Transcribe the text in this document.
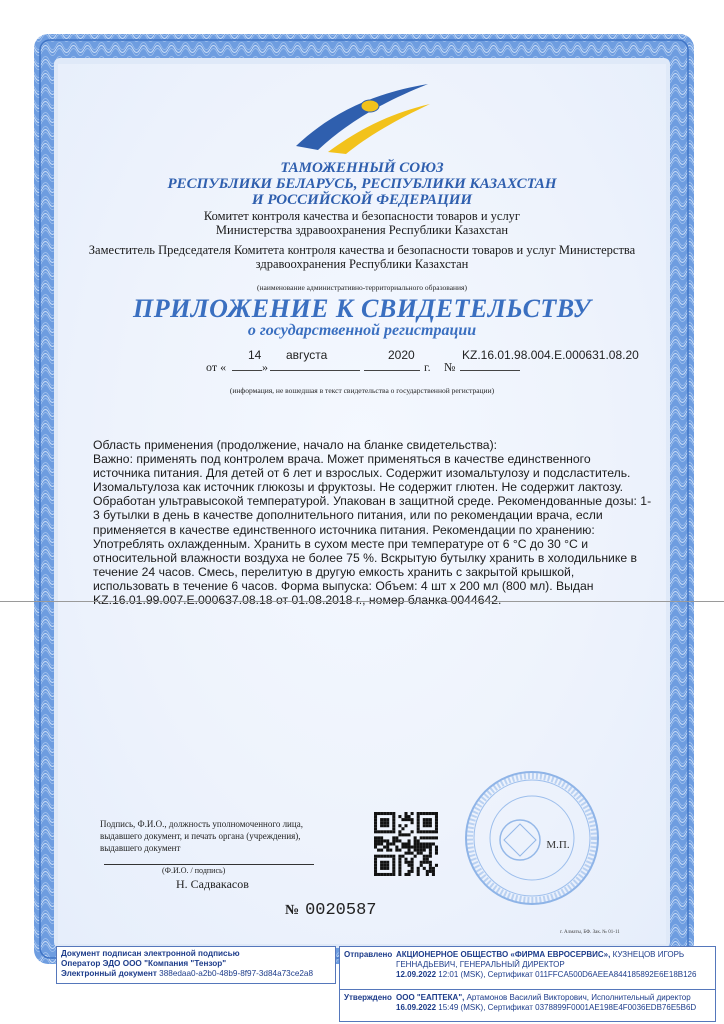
ТАМОЖЕННЫЙ СОЮЗ
РЕСПУБЛИКИ БЕЛАРУСЬ, РЕСПУБЛИКИ КАЗАХСТАН
И РОССИЙСКОЙ ФЕДЕРАЦИИ
Комитет контроля качества и безопасности товаров и услуг
Министерства здравоохранения Республики Казахстан
Заместитель Председателя Комитета контроля качества и безопасности товаров и услуг Министерства
здравоохранения Республики Казахстан
(наименование административно-территориального образования)
ПРИЛОЖЕНИЕ К СВИДЕТЕЛЬСТВУ
о государственной регистрации
от «
14
»
августа	2020
г. №
KZ.16.01.98.004.E.000631.08.20
(информация, не вошедшая в текст свидетельства о государственной регистрации)
Область применения (продолжение, начало на бланке свидетельства):
Важно: применять под контролем врача. Может применяться в качестве единственного
источника питания. Для детей от 6 лет и взрослых. Содержит изомальтулозу и подсластитель.
Изомальтулоза как источник глюкозы и фруктозы. Не содержит глютен. Не содержит лактозу.
Обработан ультравысокой температурой. Упакован в защитной среде. Рекомендованные дозы: 1-
3 бутылки в день в качестве дополнительного питания, или по рекомендации врача, если
применяется в качестве единственного источника питания. Рекомендации по хранению:
Употреблять охлажденным. Хранить в сухом месте при температуре от 6 °С до 30 °С и
относительной влажности воздуха не более 75 %. Вскрытую бутылку хранить в холодильнике в
течение 24 часов. Смесь, перелитую в другую емкость хранить с закрытой крышкой,
использовать в течение 6 часов. Форма выпуска: Объем: 4 шт х 200 мл (800 мл). Выдан
KZ.16.01.99.007.E.000637.08.18 от 01.08.2018 г., номер бланка 0044642.
Подпись, Ф.И.О., должность уполномоченного лица,
выдавшего документ, и печать органа (учреждения),
выдавшего документ
(Ф.И.О. / подпись)
Н. Садвакасов
№ 0020587
М.П.
г. Алматы, БФ. Зак. № 01-11
Документ подписан электронной подписью
Оператор ЭДО ООО "Компания "Тензор"
Электронный документ 388edaa0-a2b0-48b9-8f97-3d84a73ce2a8
Отправлено АКЦИОНЕРНОЕ ОБЩЕСТВО «ФИРМА ЕВРОСЕРВИС», КУЗНЕЦОВ ИГОРЬ ГЕННАДЬЕВИЧ, ГЕНЕРАЛЬНЫЙ ДИРЕКТОР
12.09.2022 12:01 (MSK), Сертификат 011FFCA500D6AEEA844185892E6E18B126
Утверждено ООО "ЕАПТЕКА", Артамонов Василий Викторович, Исполнительный директор
16.09.2022 15:49 (MSK), Сертификат 0378899F0001AE198E4F0036EDB76E5B6D
